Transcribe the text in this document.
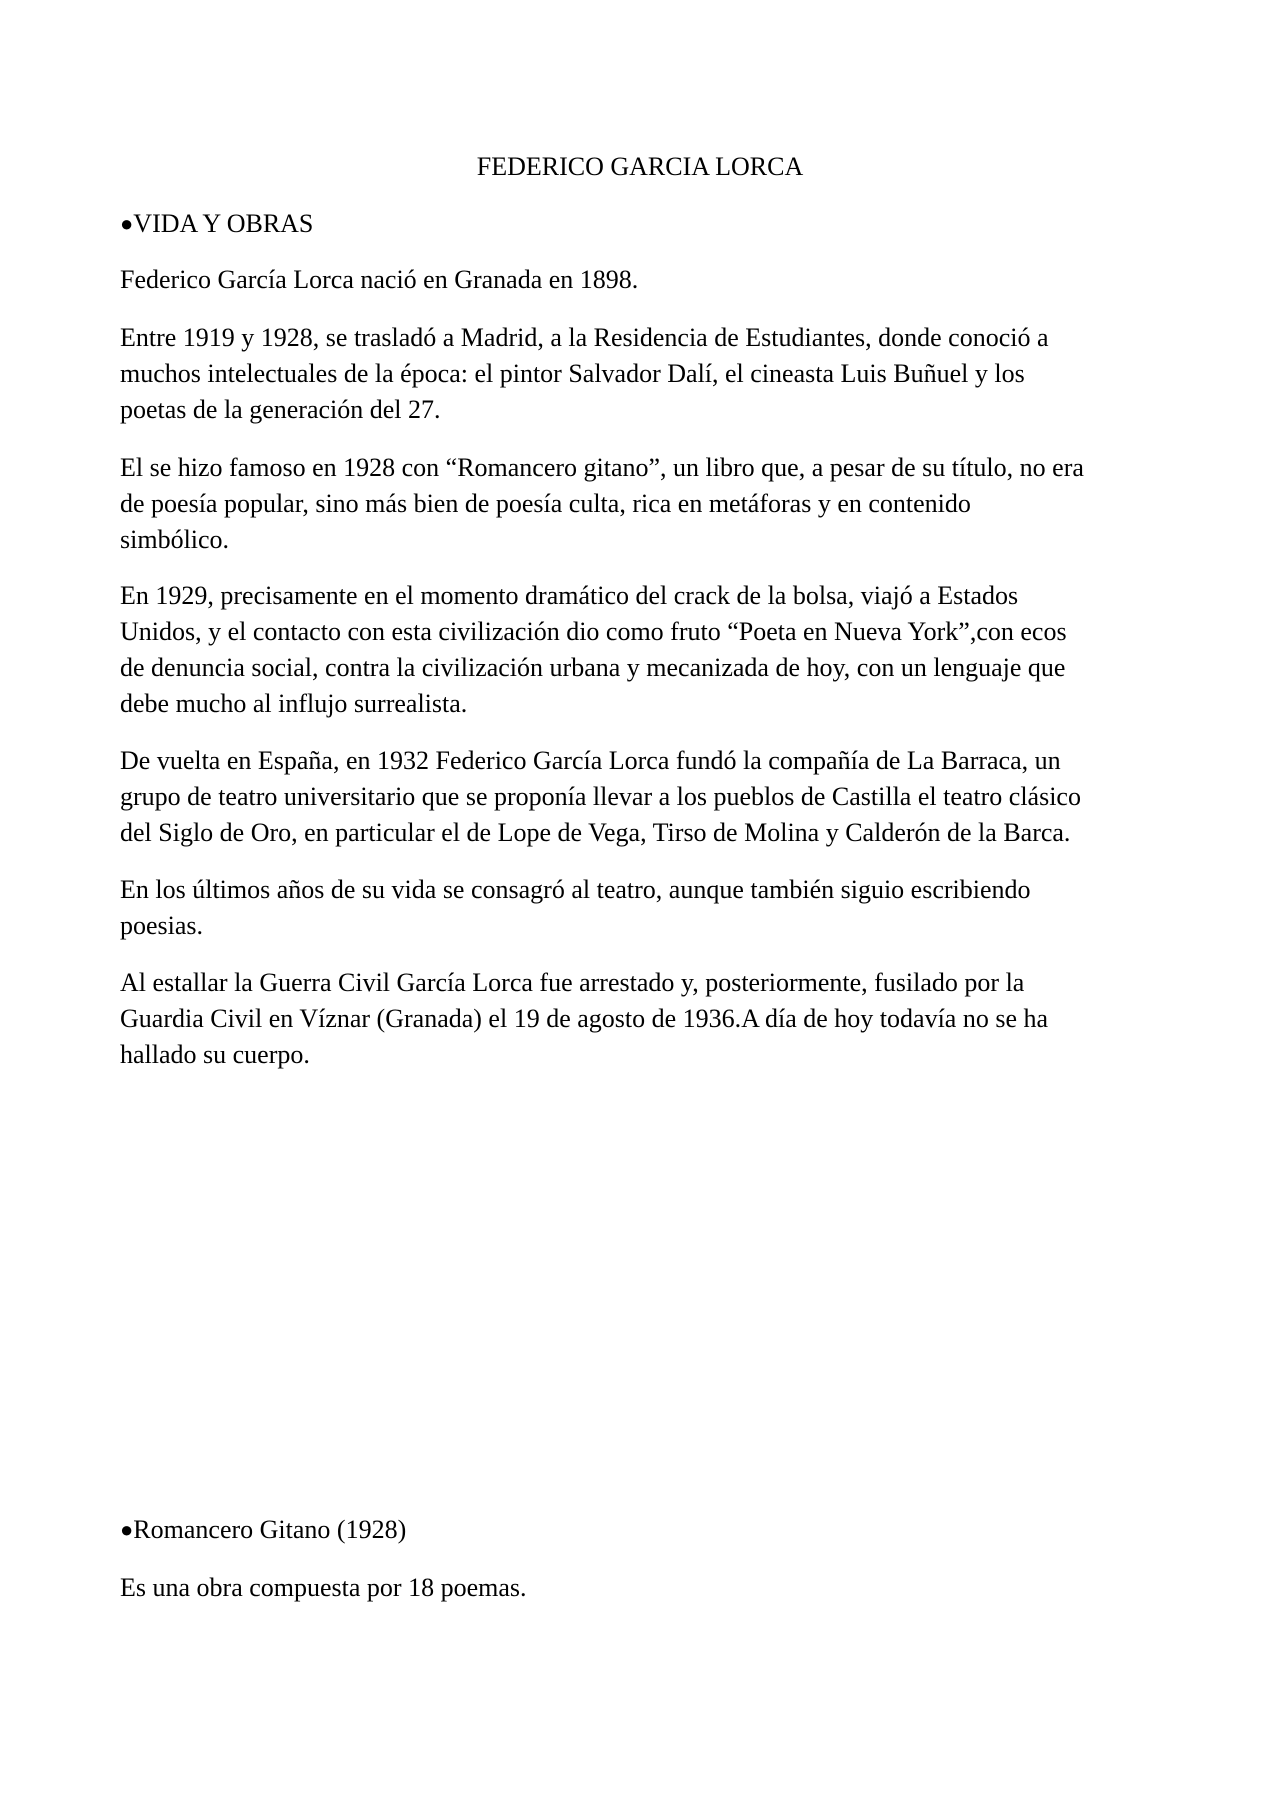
FEDERICO GARCIA LORCA
●VIDA Y OBRAS
Federico García Lorca nació en Granada en 1898.
Entre 1919 y 1928, se trasladó a Madrid, a la Residencia de Estudiantes, donde conoció a
muchos intelectuales de la época: el pintor Salvador Dalí, el cineasta Luis Buñuel y los
poetas de la generación del 27.
El se hizo famoso en 1928 con “Romancero gitano”, un libro que, a pesar de su título, no era
de poesía popular, sino más bien de poesía culta, rica en metáforas y en contenido
simbólico.
En 1929, precisamente en el momento dramático del crack de la bolsa, viajó a Estados
Unidos, y el contacto con esta civilización dio como fruto “Poeta en Nueva York”,con ecos
de denuncia social, contra la civilización urbana y mecanizada de hoy, con un lenguaje que
debe mucho al influjo surrealista.
De vuelta en España, en 1932 Federico García Lorca fundó la compañía de La Barraca, un
grupo de teatro universitario que se proponía llevar a los pueblos de Castilla el teatro clásico
del Siglo de Oro, en particular el de Lope de Vega, Tirso de Molina y Calderón de la Barca.
En los últimos años de su vida se consagró al teatro, aunque también siguio escribiendo
poesias.
Al estallar la Guerra Civil García Lorca fue arrestado y, posteriormente, fusilado por la
Guardia Civil en Víznar (Granada) el 19 de agosto de 1936.A día de hoy todavía no se ha
hallado su cuerpo.
●Romancero Gitano (1928)
Es una obra compuesta por 18 poemas.
